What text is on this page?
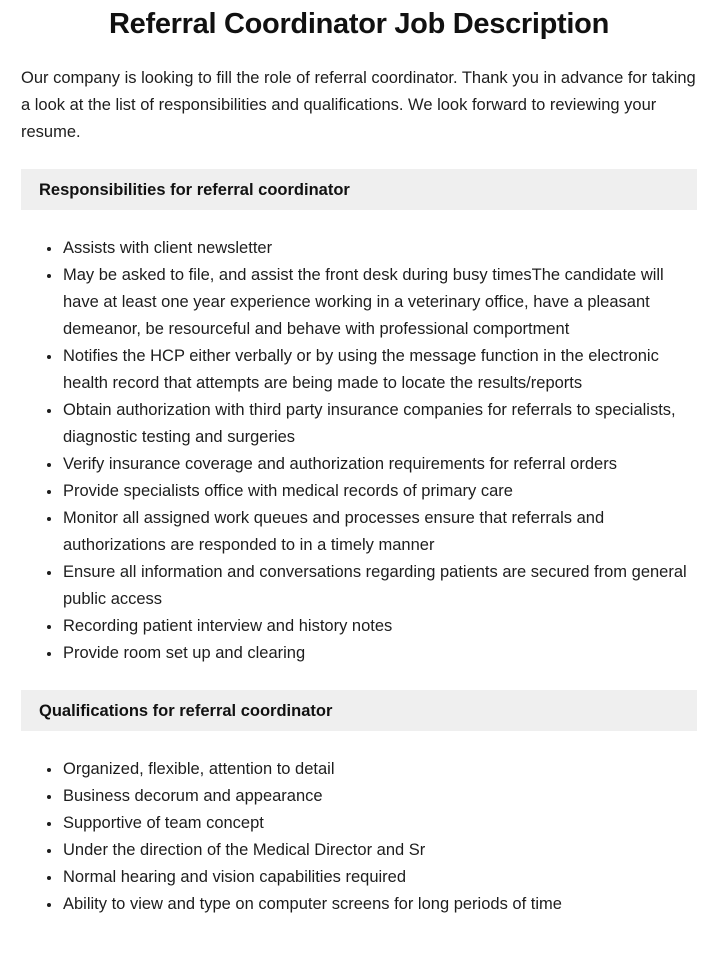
Referral Coordinator Job Description

Our company is looking to fill the role of referral coordinator. Thank you in advance for taking a look at the list of responsibilities and qualifications. We look forward to reviewing your resume.

Responsibilities for referral coordinator
• Assists with client newsletter
• May be asked to file, and assist the front desk during busy timesThe candidate will have at least one year experience working in a veterinary office, have a pleasant demeanor, be resourceful and behave with professional comportment
• Notifies the HCP either verbally or by using the message function in the electronic health record that attempts are being made to locate the results/reports
• Obtain authorization with third party insurance companies for referrals to specialists, diagnostic testing and surgeries
• Verify insurance coverage and authorization requirements for referral orders
• Provide specialists office with medical records of primary care
• Monitor all assigned work queues and processes ensure that referrals and authorizations are responded to in a timely manner
• Ensure all information and conversations regarding patients are secured from general public access
• Recording patient interview and history notes
• Provide room set up and clearing
Qualifications for referral coordinator
• Organized, flexible, attention to detail
• Business decorum and appearance
• Supportive of team concept
• Under the direction of the Medical Director and Sr
• Normal hearing and vision capabilities required
• Ability to view and type on computer screens for long periods of time
